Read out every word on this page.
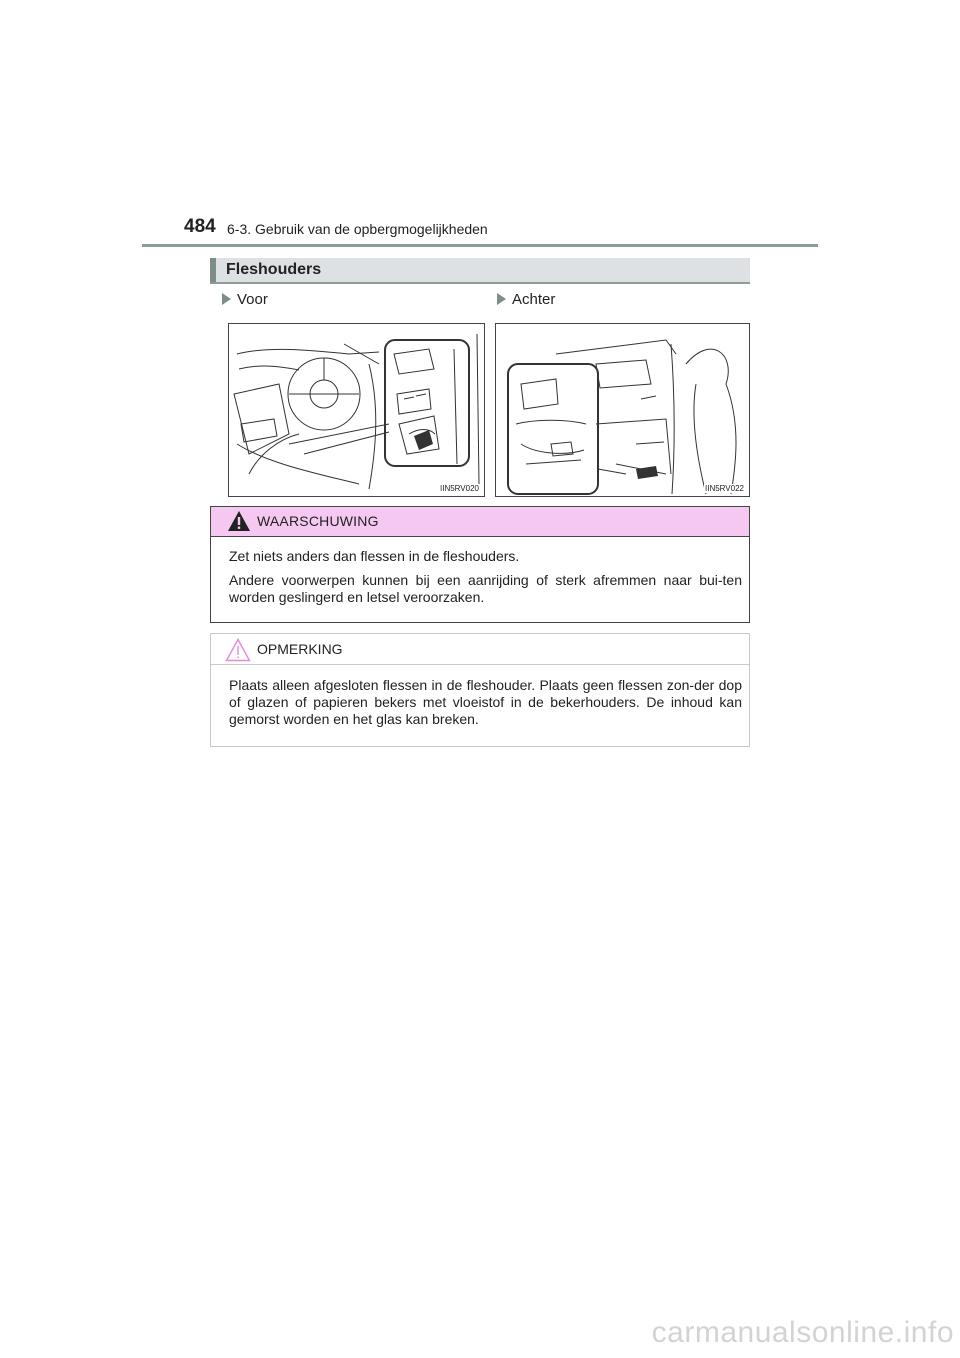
484 6-3. Gebruik van de opbergmogelijkheden
Fleshouders
Voor	Achter
IIN5RV020	IIN5RV022
WAARSCHUWING

Zet niets anders dan flessen in de fleshouders.

Andere voorwerpen kunnen bij een aanrijding of sterk afremmen naar bui-ten worden geslingerd en letsel veroorzaken.

OPMERKING

Plaats alleen afgesloten flessen in de fleshouder. Plaats geen flessen zon-der dop of glazen of papieren bekers met vloeistof in de bekerhouders. De inhoud kan gemorst worden en het glas kan breken.

carmanualsonline.info
